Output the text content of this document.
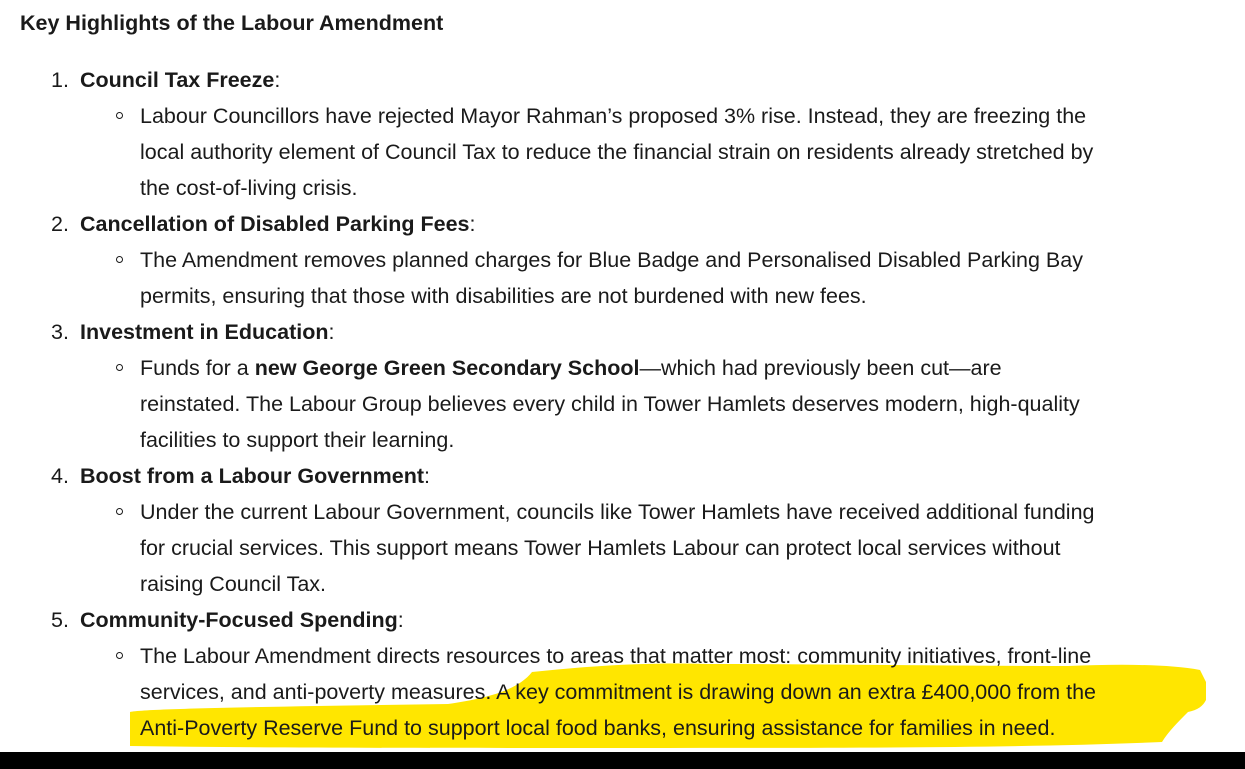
Key Highlights of the Labour Amendment
1. Council Tax Freeze:
Labour Councillors have rejected Mayor Rahman’s proposed 3% rise. Instead, they are freezing the
local authority element of Council Tax to reduce the financial strain on residents already stretched by
the cost-of-living crisis.
2. Cancellation of Disabled Parking Fees:
The Amendment removes planned charges for Blue Badge and Personalised Disabled Parking Bay
permits, ensuring that those with disabilities are not burdened with new fees.
3. Investment in Education:
Funds for a new George Green Secondary School—which had previously been cut—are
reinstated. The Labour Group believes every child in Tower Hamlets deserves modern, high-quality
facilities to support their learning.
4. Boost from a Labour Government:
Under the current Labour Government, councils like Tower Hamlets have received additional funding
for crucial services. This support means Tower Hamlets Labour can protect local services without
raising Council Tax.
5. Community-Focused Spending:
The Labour Amendment directs resources to areas that matter most: community initiatives, front-line
services, and anti-poverty measures. A key commitment is drawing down an extra £400,000 from the
Anti-Poverty Reserve Fund to support local food banks, ensuring assistance for families in need.
